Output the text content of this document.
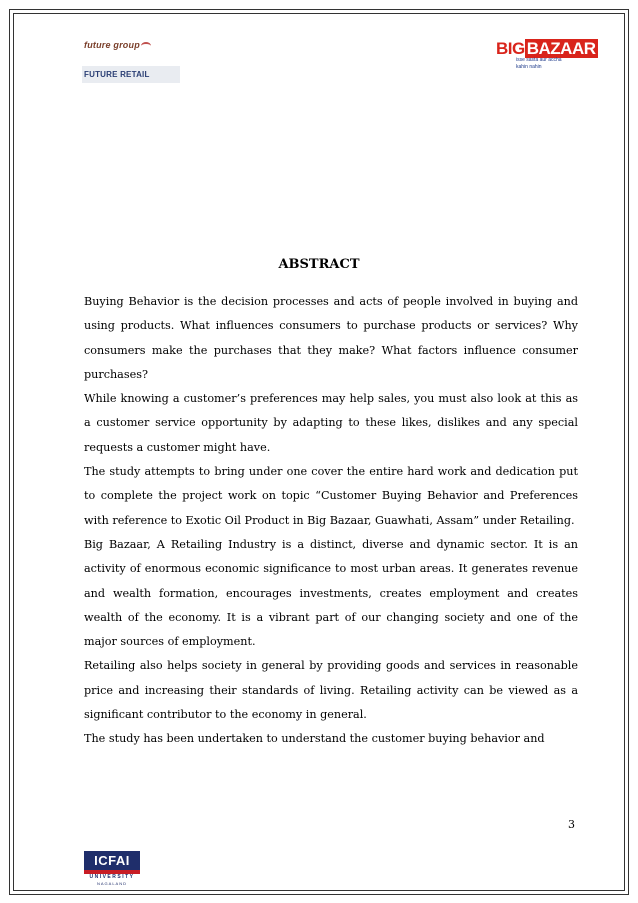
future group
FUTURE RETAIL
BIG BAZAAR
isse sasta aur accha kahin nahin
ABSTRACT

Buying Behavior is the decision processes and acts of people involved in buying and using products. What influences consumers to purchase products or services? Why consumers make the purchases that they make? What factors influence consumer purchases?

While knowing a customer’s preferences may help sales, you must also look at this as a customer service opportunity by adapting to these likes, dislikes and any special requests a customer might have.

The study attempts to bring under one cover the entire hard work and dedication put to complete the project work on topic “Customer Buying Behavior and Preferences with reference to Exotic Oil Product in Big Bazaar, Guawhati, Assam” under Retailing.

Big Bazaar, A Retailing Industry is a distinct, diverse and dynamic sector. It is an activity of enormous economic significance to most urban areas. It generates revenue and wealth formation, encourages investments, creates employment and creates wealth of the economy. It is a vibrant part of our changing society and one of the major sources of employment.

Retailing also helps society in general by providing goods and services in reasonable price and increasing their standards of living. Retailing activity can be viewed as a significant contributor to the economy in general.

The study has been undertaken to understand the customer buying behavior and

3
ICFAI
UNIVERSITY
NAGALAND
